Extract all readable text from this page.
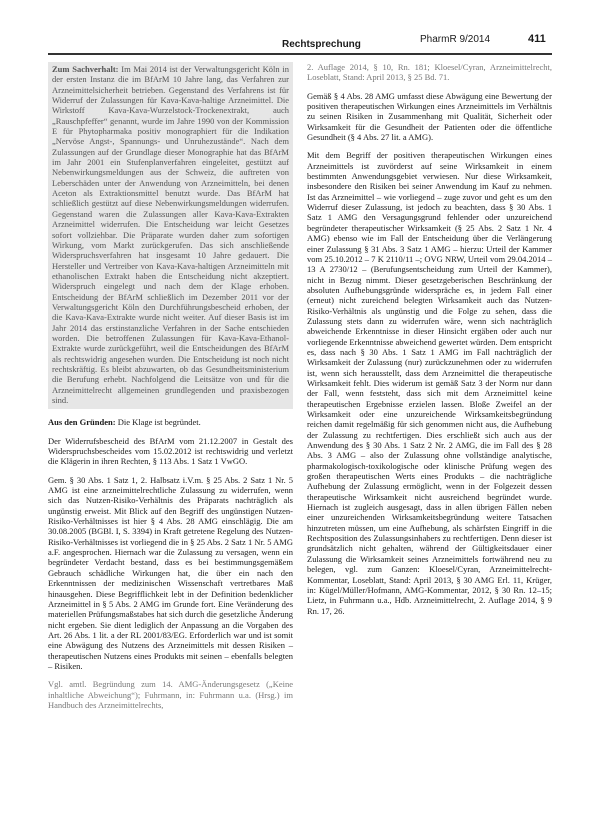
Rechtsprechung	PharmR 9/2014	411

Zum Sachverhalt: Im Mai 2014 ist der Verwaltungsgericht Köln in der ersten Instanz die im BfArM 10 Jahre lang, das Verfahren zur Arzneimittelsicherheit betrieben. Gegenstand des Verfahrens ist für Widerruf der Zulassungen für Kava-Kava-haltige Arzneimittel. Die Wirkstoff Kava-Kava-Wurzelstock-Trockenextrakt, auch „Rauschpfeffer“ genannt, wurde im Jahre 1990 von der Kommission E für Phytopharmaka positiv monographiert für die Indikation „Nervöse Angst-, Spannungs- und Unruhezustände“. Nach dem Zulassungen auf der Grundlage dieser Monographie hat das BfArM im Jahr 2001 ein Stufenplanverfahren eingeleitet, gestützt auf Nebenwirkungsmeldungen aus der Schweiz, die auftreten von Leberschäden unter der Anwendung von Arzneimitteln, bei denen Aceton als Extraktionsmittel benutzt wurde. Das BfArM hat schließlich gestützt auf diese Nebenwirkungsmeldungen widerrufen. Gegenstand waren die Zulassungen aller Kava-Kava-Extrakten Arzneimittel widerrufen. Die Entscheidung war leicht Gesetzes sofort vollziehbar. Die Präparate wurden daher zum sofortigen Wirkung, vom Markt zurückgerufen. Das sich anschließende Widerspruchsverfahren hat insgesamt 10 Jahre gedauert. Die Hersteller und Vertreiber von Kava-Kava-haltigen Arzneimitteln mit ethanolischen Extrakt haben die Entscheidung nicht akzeptiert. Widerspruch eingelegt und nach dem der Klage erhoben. Entscheidung der BfArM schließlich im Dezember 2011 vor der Verwaltungsgericht Köln den Durchführungsbescheid erhoben, der die Kava-Kava-Extrakte wurde nicht weiter. Auf dieser Basis ist im Jahr 2014 das erstinstanzliche Verfahren in der Sache entschieden worden. Die betroffenen Zulassungen für Kava-Kava-Ethanol-Extrakte wurde zurückgeführt, weil die Entscheidungen des BfArM als rechtswidrig angesehen wurden. Die Entscheidung ist noch nicht rechtskräftig. Es bleibt abzuwarten, ob das Gesundheitsministerium die Berufung erhebt. Nachfolgend die Leitsätze von und für die Arzneimittelrecht allgemeinen grundlegenden und praxisbezogen sind.

Aus den Gründen: Die Klage ist begründet.

Der Widerrufsbescheid des BfArM vom 21.12.2007 in Gestalt des Widerspruchsbescheides vom 15.02.2012 ist rechtswidrig und verletzt die Klägerin in ihren Rechten, § 113 Abs. 1 Satz 1 VwGO.

Gem. § 30 Abs. 1 Satz 1, 2. Halbsatz i.V.m. § 25 Abs. 2 Satz 1 Nr. 5 AMG ist eine arzneimittelrechtliche Zulassung zu widerrufen, wenn sich das Nutzen-Risiko-Verhältnis des Präparats nachträglich als ungünstig erweist. Mit Blick auf den Begriff des ungünstigen Nutzen-Risiko-Verhältnisses ist hier § 4 Abs. 28 AMG einschlägig. Die am 30.08.2005 (BGBl. I, S. 3394) in Kraft getretene Regelung des Nutzen-Risiko-Verhältnisses ist vorliegend die in § 25 Abs. 2 Satz 1 Nr. 5 AMG a.F. angesprochen. Hiernach war die Zulassung zu versagen, wenn ein begründeter Verdacht bestand, dass es bei bestimmungsgemäßem Gebrauch schädliche Wirkungen hat, die über ein nach den Erkenntnissen der medizinischen Wissenschaft vertretbares Maß hinausgehen. Diese Begrifflichkeit lebt in der Definition bedenklicher Arzneimittel in § 5 Abs. 2 AMG im Grunde fort. Eine Veränderung des materiellen Prüfungsmaßstabes hat sich durch die gesetzliche Änderung nicht ergeben. Sie dient lediglich der Anpassung an die Vorgaben des Art. 26 Abs. 1 lit. a der RL 2001/83/EG. Erforderlich war und ist somit eine Abwägung des Nutzens des Arzneimittels mit dessen Risiken – therapeutischen Nutzens eines Produkts mit seinen – ebenfalls belegten – Risiken.

Vgl. amtl. Begründung zum 14. AMG-Änderungsgesetz („Keine inhaltliche Abweichung“); Fuhrmann, in: Fuhrmann u.a. (Hrsg.) im Handbuch des Arzneimittelrechts,

2. Auflage 2014, § 10, Rn. 181; Kloesel/Cyran, Arzneimittelrecht, Loseblatt, Stand: April 2013, § 25 Bd. 71.

Gemäß § 4 Abs. 28 AMG umfasst diese Abwägung eine Bewertung der positiven therapeutischen Wirkungen eines Arzneimittels im Verhältnis zu seinen Risiken in Zusammenhang mit Qualität, Sicherheit oder Wirksamkeit für die Gesundheit der Patienten oder die öffentliche Gesundheit (§ 4 Abs. 27 lit. a AMG).

Mit dem Begriff der positiven therapeutischen Wirkungen eines Arzneimittels ist zuvörderst auf seine Wirksamkeit in einem bestimmten Anwendungsgebiet verwiesen. Nur diese Wirksamkeit, insbesondere den Risiken bei seiner Anwendung im Kauf zu nehmen. Ist das Arzneimittel – wie vorliegend – zuge zuvor und geht es um den Widerruf dieser Zulassung, ist jedoch zu beachten, dass § 30 Abs. 1 Satz 1 AMG den Versagungsgrund fehlender oder unzureichend begründeter therapeutischer Wirksamkeit (§ 25 Abs. 2 Satz 1 Nr. 4 AMG) ebenso wie im Fall der Entscheidung über die Verlängerung einer Zulassung § 31 Abs. 3 Satz 1 AMG – hierzu: Urteil der Kammer vom 25.10.2012 – 7 K 2110/11 –; OVG NRW, Urteil vom 29.04.2014 – 13 A 2730/12 – (Berufungsentscheidung zum Urteil der Kammer), nicht in Bezug nimmt. Dieser gesetzgeberischen Beschränkung der absoluten Aufhebungsgründe widerspräche es, in jedem Fall einer (erneut) nicht zureichend belegten Wirksamkeit auch das Nutzen-Risiko-Verhältnis als ungünstig und die Folge zu sehen, dass die Zulassung stets dann zu widerrufen wäre, wenn sich nachträglich abweichende Erkenntnisse in dieser Hinsicht ergäben oder auch nur vorliegende Erkenntnisse abweichend gewertet würden. Dem entspricht es, dass nach § 30 Abs. 1 Satz 1 AMG im Fall nachträglich der Wirksamkeit der Zulassung (nur) zurückzunehmen oder zu widerrufen ist, wenn sich herausstellt, dass dem Arzneimittel die therapeutische Wirksamkeit fehlt. Dies widerum ist gemäß Satz 3 der Norm nur dann der Fall, wenn feststeht, dass sich mit dem Arzneimittel keine therapeutischen Ergebnisse erzielen lassen. Bloße Zweifel an der Wirksamkeit oder eine unzureichende Wirksamkeitsbegründung reichen damit regelmäßig für sich genommen nicht aus, die Aufhebung der Zulassung zu rechtfertigen. Dies erschließt sich auch aus der Anwendung des § 30 Abs. 1 Satz 2 Nr. 2 AMG, die im Fall des § 28 Abs. 3 AMG – also der Zulassung ohne vollständige analytische, pharmakologisch-toxikologische oder klinische Prüfung wegen des großen therapeutischen Werts eines Produkts – die nachträgliche Aufhebung der Zulassung ermöglicht, wenn in der Folgezeit dessen therapeutische Wirksamkeit nicht ausreichend begründet wurde. Hiernach ist zugleich ausgesagt, dass in allen übrigen Fällen neben einer unzureichenden Wirksamkeitsbegründung weitere Tatsachen hinzutreten müssen, um eine Aufhebung, als schärfsten Eingriff in die Rechtsposition des Zulassungsinhabers zu rechtfertigen. Denn dieser ist grundsätzlich nicht gehalten, während der Gültigkeitsdauer einer Zulassung die Wirksamkeit seines Arzneimittels fortwährend neu zu belegen, vgl. zum Ganzen: Kloesel/Cyran, Arzneimittelrecht-Kommentar, Loseblatt, Stand: April 2013, § 30 AMG Erl. 11, Krüger, in: Kügel/Müller/Hofmann, AMG-Kommentar, 2012, § 30 Rn. 12–15; Lietz, in Fuhrmann u.a., Hdb. Arzneimittelrecht, 2. Auflage 2014, § 9 Rn. 17, 26.
